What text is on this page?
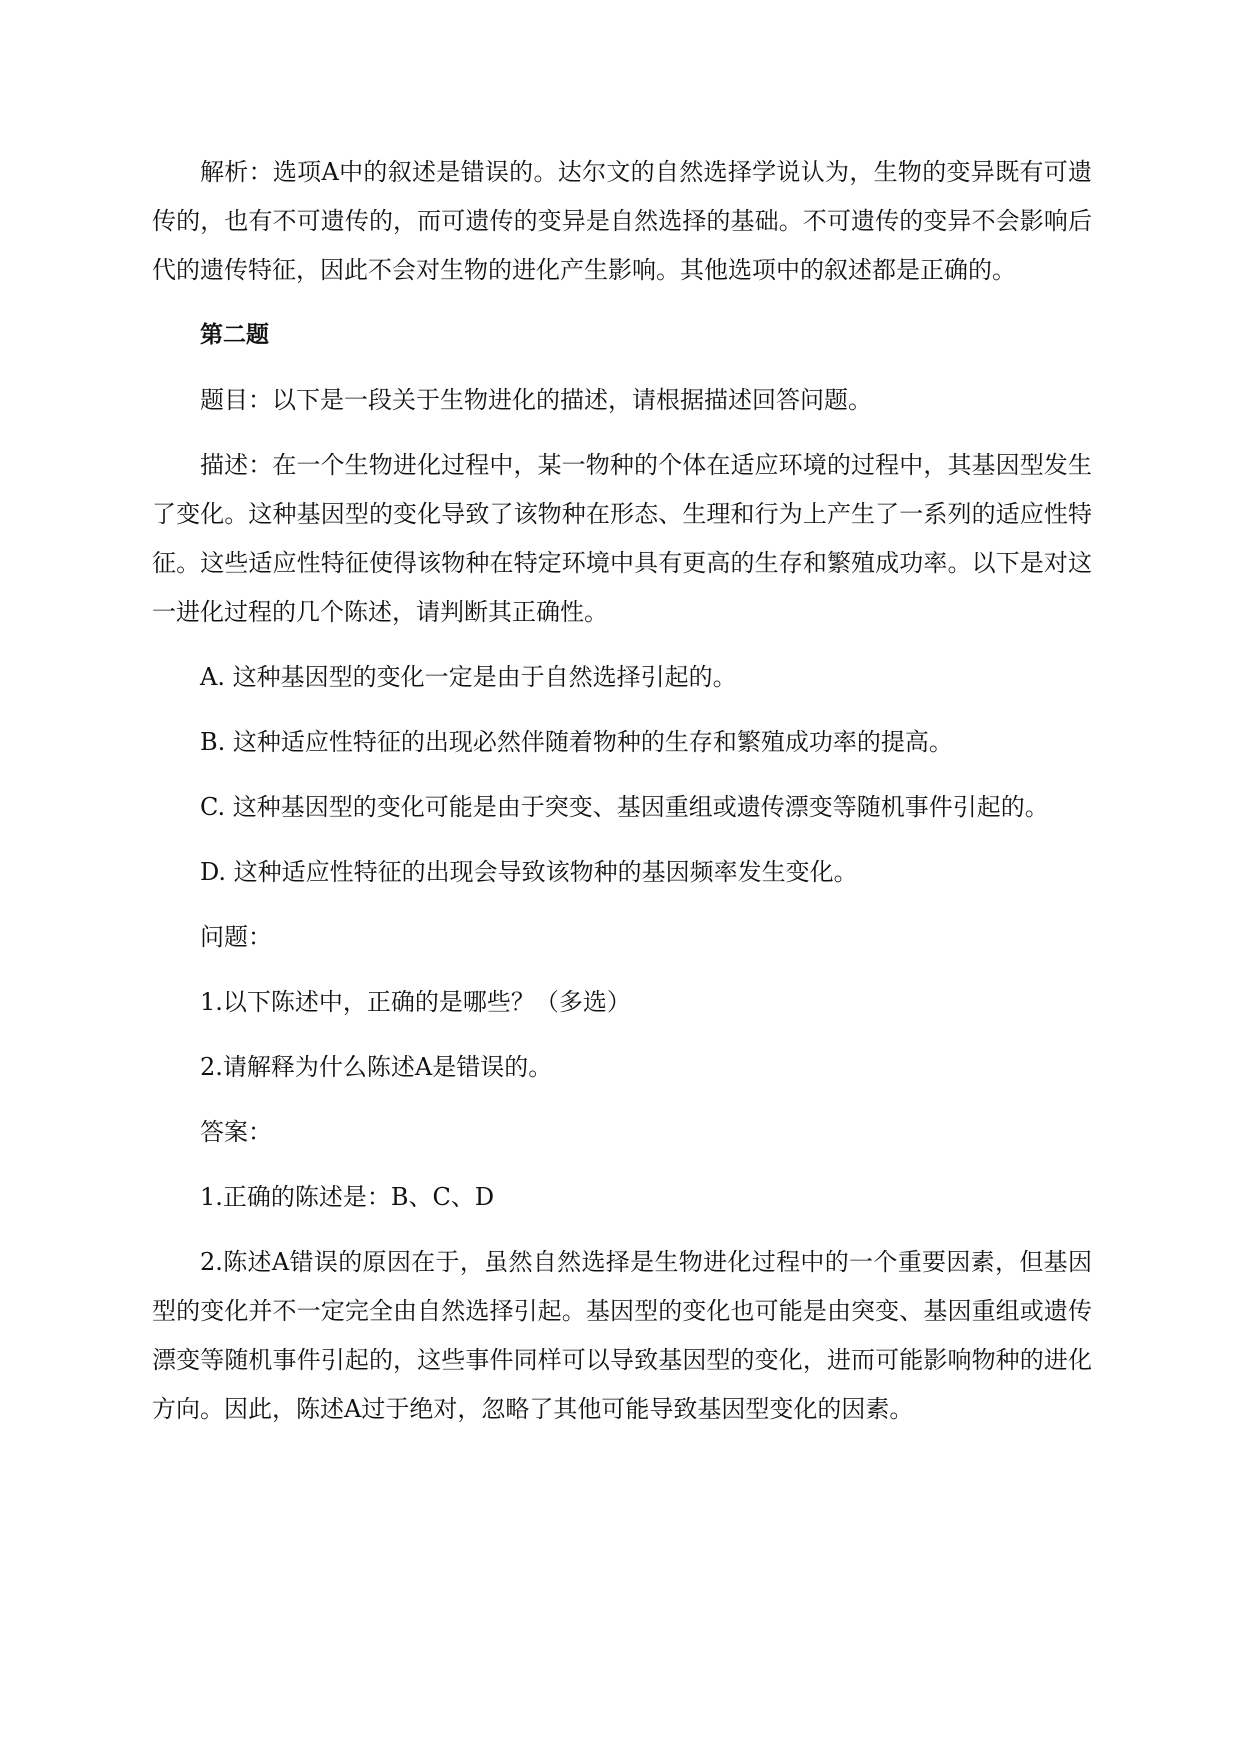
解析：选项A中的叙述是错误的。达尔文的自然选择学说认为，生物的变异既有可遗传的，也有不可遗传的，而可遗传的变异是自然选择的基础。不可遗传的变异不会影响后代的遗传特征，因此不会对生物的进化产生影响。其他选项中的叙述都是正确的。

第二题

题目：以下是一段关于生物进化的描述，请根据描述回答问题。

描述：在一个生物进化过程中，某一物种的个体在适应环境的过程中，其基因型发生了变化。这种基因型的变化导致了该物种在形态、生理和行为上产生了一系列的适应性特征。这些适应性特征使得该物种在特定环境中具有更高的生存和繁殖成功率。以下是对这一进化过程的几个陈述，请判断其正确性。

A. 这种基因型的变化一定是由于自然选择引起的。

B. 这种适应性特征的出现必然伴随着物种的生存和繁殖成功率的提高。

C. 这种基因型的变化可能是由于突变、基因重组或遗传漂变等随机事件引起的。

D. 这种适应性特征的出现会导致该物种的基因频率发生变化。

问题：

1.以下陈述中，正确的是哪些？（多选）

2.请解释为什么陈述A是错误的。

答案：

1.正确的陈述是：B、C、D

2.陈述A错误的原因在于，虽然自然选择是生物进化过程中的一个重要因素，但基因型的变化并不一定完全由自然选择引起。基因型的变化也可能是由突变、基因重组或遗传漂变等随机事件引起的，这些事件同样可以导致基因型的变化，进而可能影响物种的进化方向。因此，陈述A过于绝对，忽略了其他可能导致基因型变化的因素。
